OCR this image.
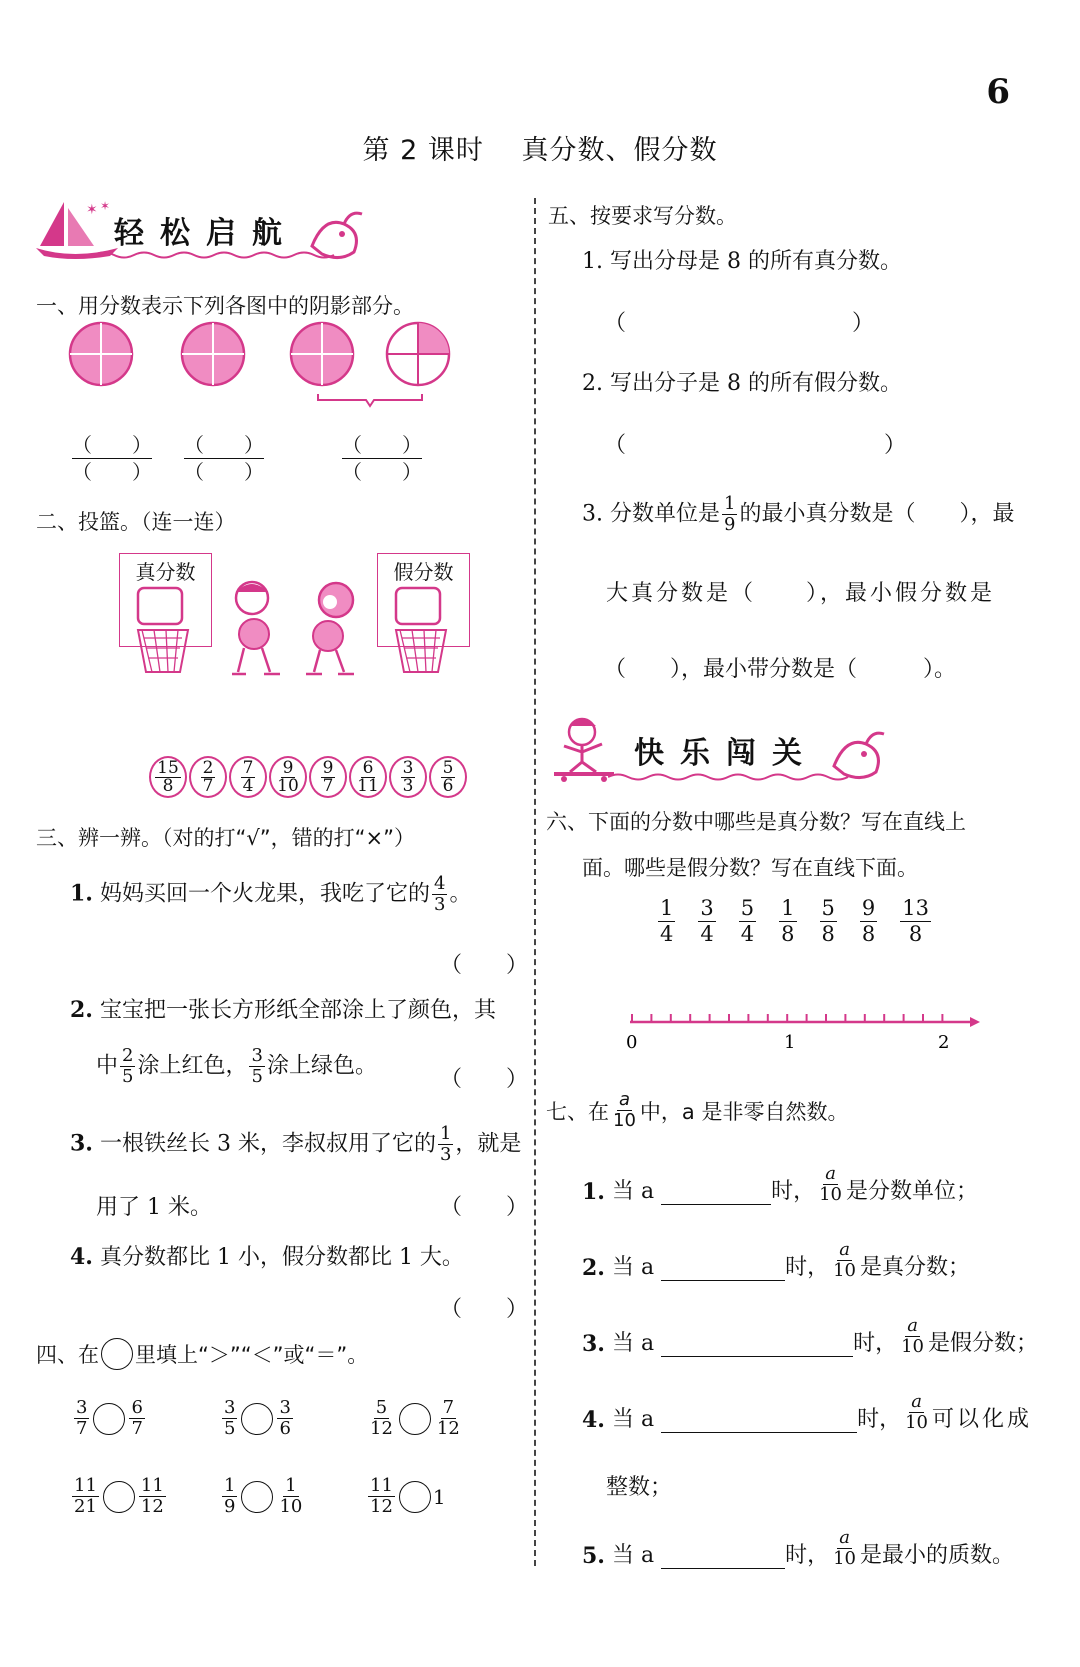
6
第 2 课时　 真分数、假分数
✶ ✶
轻松启航
一、用分数表示下列各图中的阴影部分。
（　　）
（　　）
（　　）
（　　）
（　　）
（　　）
二、投篮。（连一连）
真分数	假分数
$\frac{15}{8} \frac{2}{7} \frac{7}{4} \frac{9}{10} \frac{9}{7} \frac{6}{11} \frac{3}{3} \frac{5}{6}$
三、辨一辨。（对的打“√”，错的打“×”）
1. 妈妈买回一个火龙果，我吃了它的 $\frac{4}{3}$ 。
（　　）
2. 宝宝把一张长方形纸全部涂上了颜色，其
中 $\frac{2}{5}$ 涂上红色， $\frac{3}{5}$ 涂上绿色。
（　　）
3. 一根铁丝长 3 米，李叔叔用了它的 $\frac{1}{3}$ ，就是
用了 1 米。	（　　）
4. 真分数都比 1 小，假分数都比 1 大。
（　　）
四、在 里填上“＞”“＜”或“＝”。
$\frac{3}{7} \frac{6}{7}$	$\frac{3}{5} \frac{3}{6}$	$\frac{5}{12} \frac{7}{12}$
$\frac{11}{21} \frac{11}{12}$	$\frac{1}{9} \frac{1}{10}$	$\frac{11}{12} 1$
五、按要求写分数。
1. 写出分母是 8 的所有真分数。
（	）
2. 写出分子是 8 的所有假分数。
（	）
3. 分数单位是 $\frac{1}{9}$ 的最小真分数是（　　），最
大真分数是（　　），最小假分数是
（　　），最小带分数是（　　　）。
快乐闯关
六、下面的分数中哪些是真分数？写在直线上
面。哪些是假分数？写在直线下面。
$\frac{1}{4} \frac{3}{4} \frac{5}{4} \frac{1}{8} \frac{5}{8} \frac{9}{8} \frac{13}{8}$
0	1	2
七、在 $\frac{a}{10}$ 中，a 是非零自然数。
1.
当 a
	时， $\frac{a}{10}$ 是分数单位；
2.
当 a
	时， $\frac{a}{10}$ 是真分数；
3.
当 a
	时， $\frac{a}{10}$ 是假分数；
4.
当 a
	时， $\frac{a}{10}$ 可以化成
整数；
5.
当 a
	时， $\frac{a}{10}$ 是最小的质数。
